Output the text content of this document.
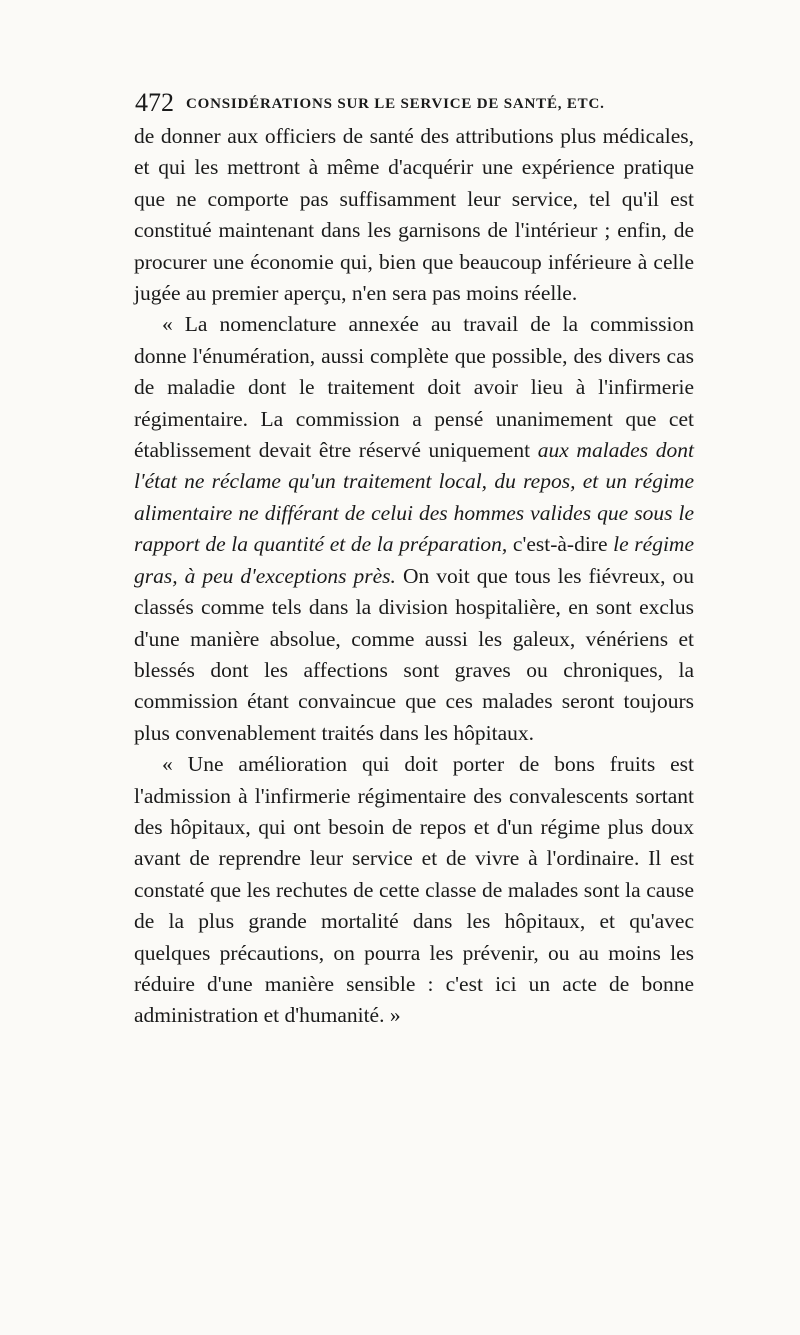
472 CONSIDÉRATIONS SUR LE SERVICE DE SANTÉ, ETC.

de donner aux officiers de santé des attributions plus médicales, et qui les mettront à même d'acquérir une expérience pratique que ne comporte pas suffisamment leur service, tel qu'il est constitué maintenant dans les garnisons de l'intérieur ; enfin, de procurer une économie qui, bien que beaucoup inférieure à celle jugée au premier aperçu, n'en sera pas moins réelle.

« La nomenclature annexée au travail de la commission donne l'énumération, aussi complète que possible, des divers cas de maladie dont le traitement doit avoir lieu à l'infirmerie régimentaire. La commission a pensé unanimement que cet établissement devait être réservé uniquement aux malades dont l'état ne réclame qu'un traitement local, du repos, et un régime alimentaire ne différant de celui des hommes valides que sous le rapport de la quantité et de la préparation, c'est-à-dire le régime gras, à peu d'exceptions près. On voit que tous les fiévreux, ou classés comme tels dans la division hospitalière, en sont exclus d'une manière absolue, comme aussi les galeux, vénériens et blessés dont les affections sont graves ou chroniques, la commission étant convaincue que ces malades seront toujours plus convenablement traités dans les hôpitaux.

« Une amélioration qui doit porter de bons fruits est l'admission à l'infirmerie régimentaire des convalescents sortant des hôpitaux, qui ont besoin de repos et d'un régime plus doux avant de reprendre leur service et de vivre à l'ordinaire. Il est constaté que les rechutes de cette classe de malades sont la cause de la plus grande mortalité dans les hôpitaux, et qu'avec quelques précautions, on pourra les prévenir, ou au moins les réduire d'une manière sensible : c'est ici un acte de bonne administration et d'humanité. »
